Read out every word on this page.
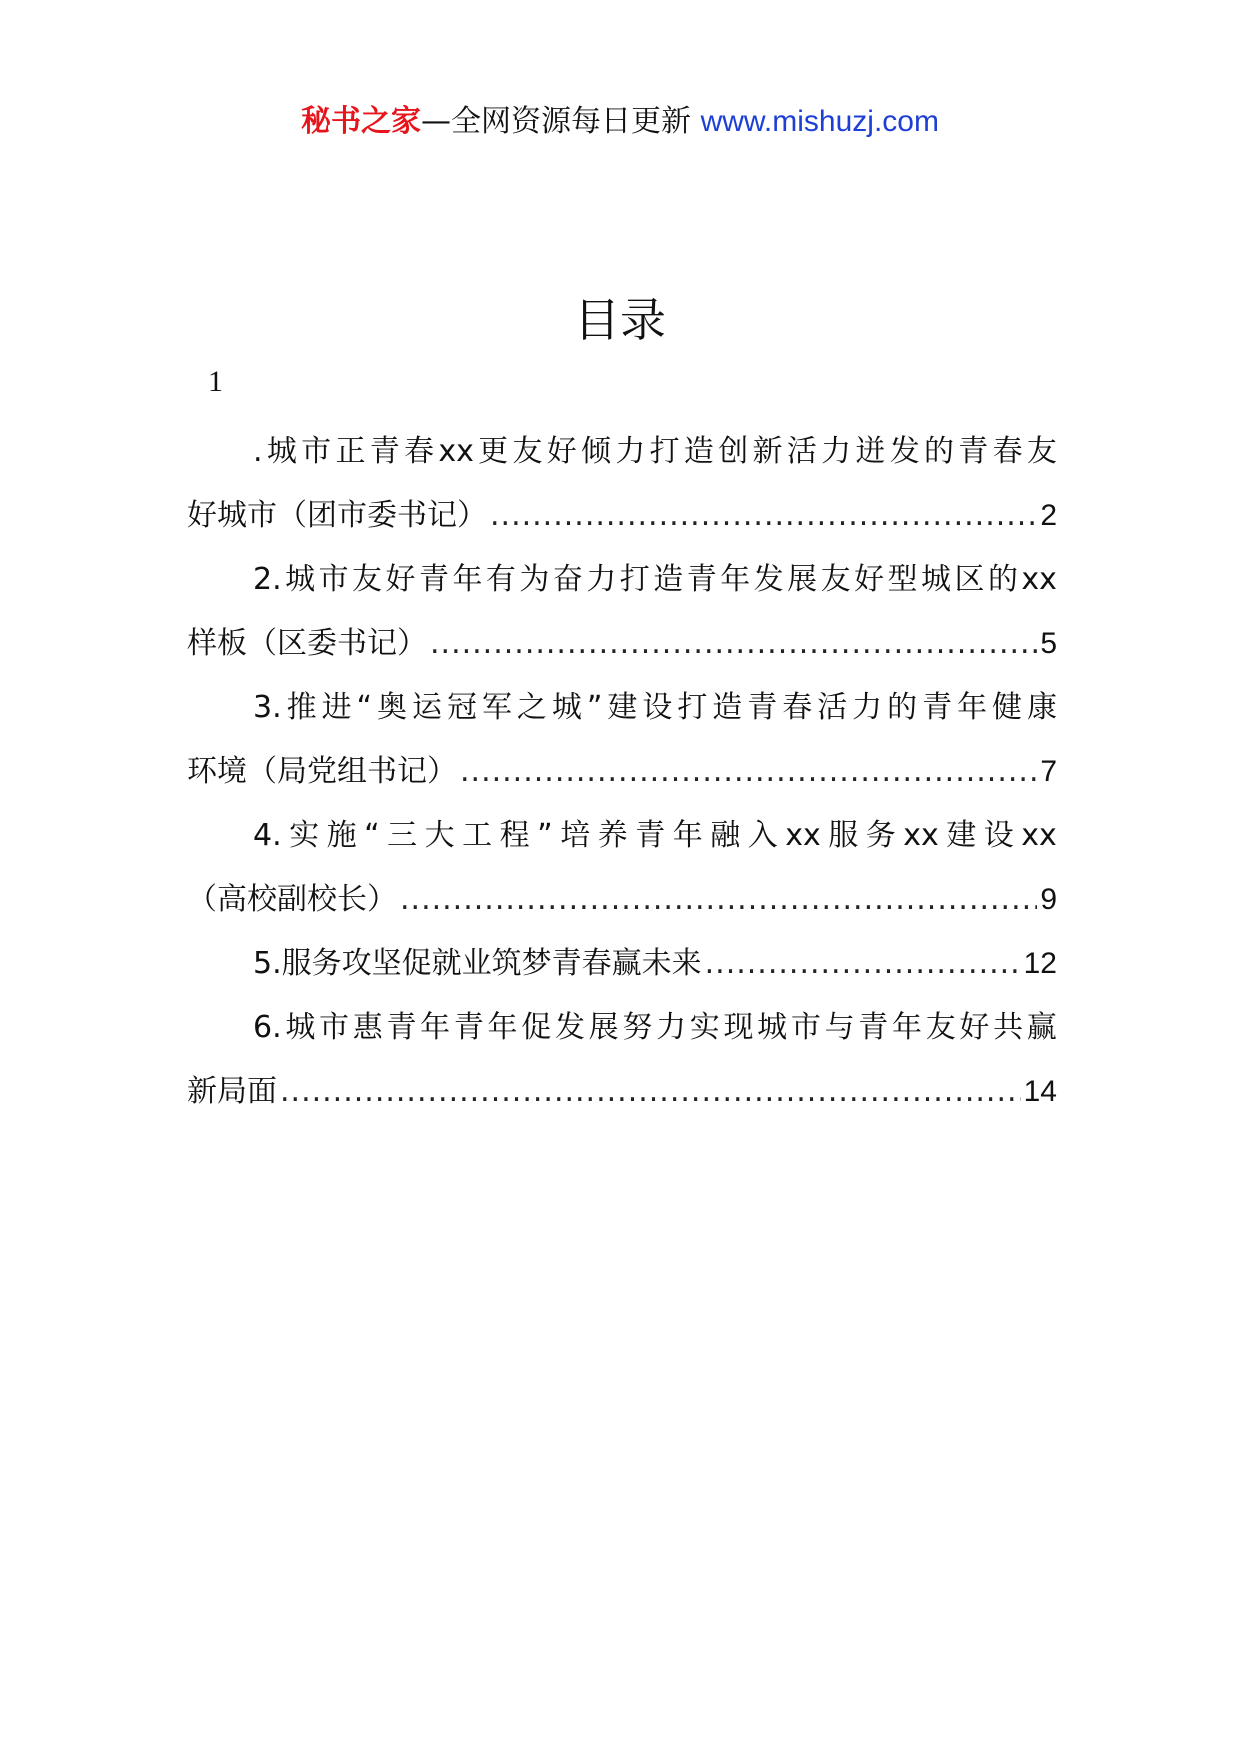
秘书之家—全网资源每日更新 www.mishuzj.com
目录
1
. 城 市 正 青 春 xx 更 友 好 倾 力 打 造 创 新 活 力 迸 发 的 青 春 友
好城市（团市委书记） .....	2
2. 城 市 友 好 青 年 有 为 奋 力 打 造 青 年 发 展 友 好 型 城 区 的 xx
样板（区委书记） .....	5
3. 推 进 “ 奥 运 冠 军 之 城 ” 建 设 打 造 青 春 活 力 的 青 年 健 康
环境（局党组书记） .....	7
4. 实 施 “ 三 大 工 程 ” 培 养 青 年 融 入 xx 服 务 xx 建 设 xx
（高校副校长） .....	9
5.服务攻坚促就业筑梦青春赢未来 .....	12
6. 城 市 惠 青 年 青 年 促 发 展 努 力 实 现 城 市 与 青 年 友 好 共 赢
新局面 .....	14
